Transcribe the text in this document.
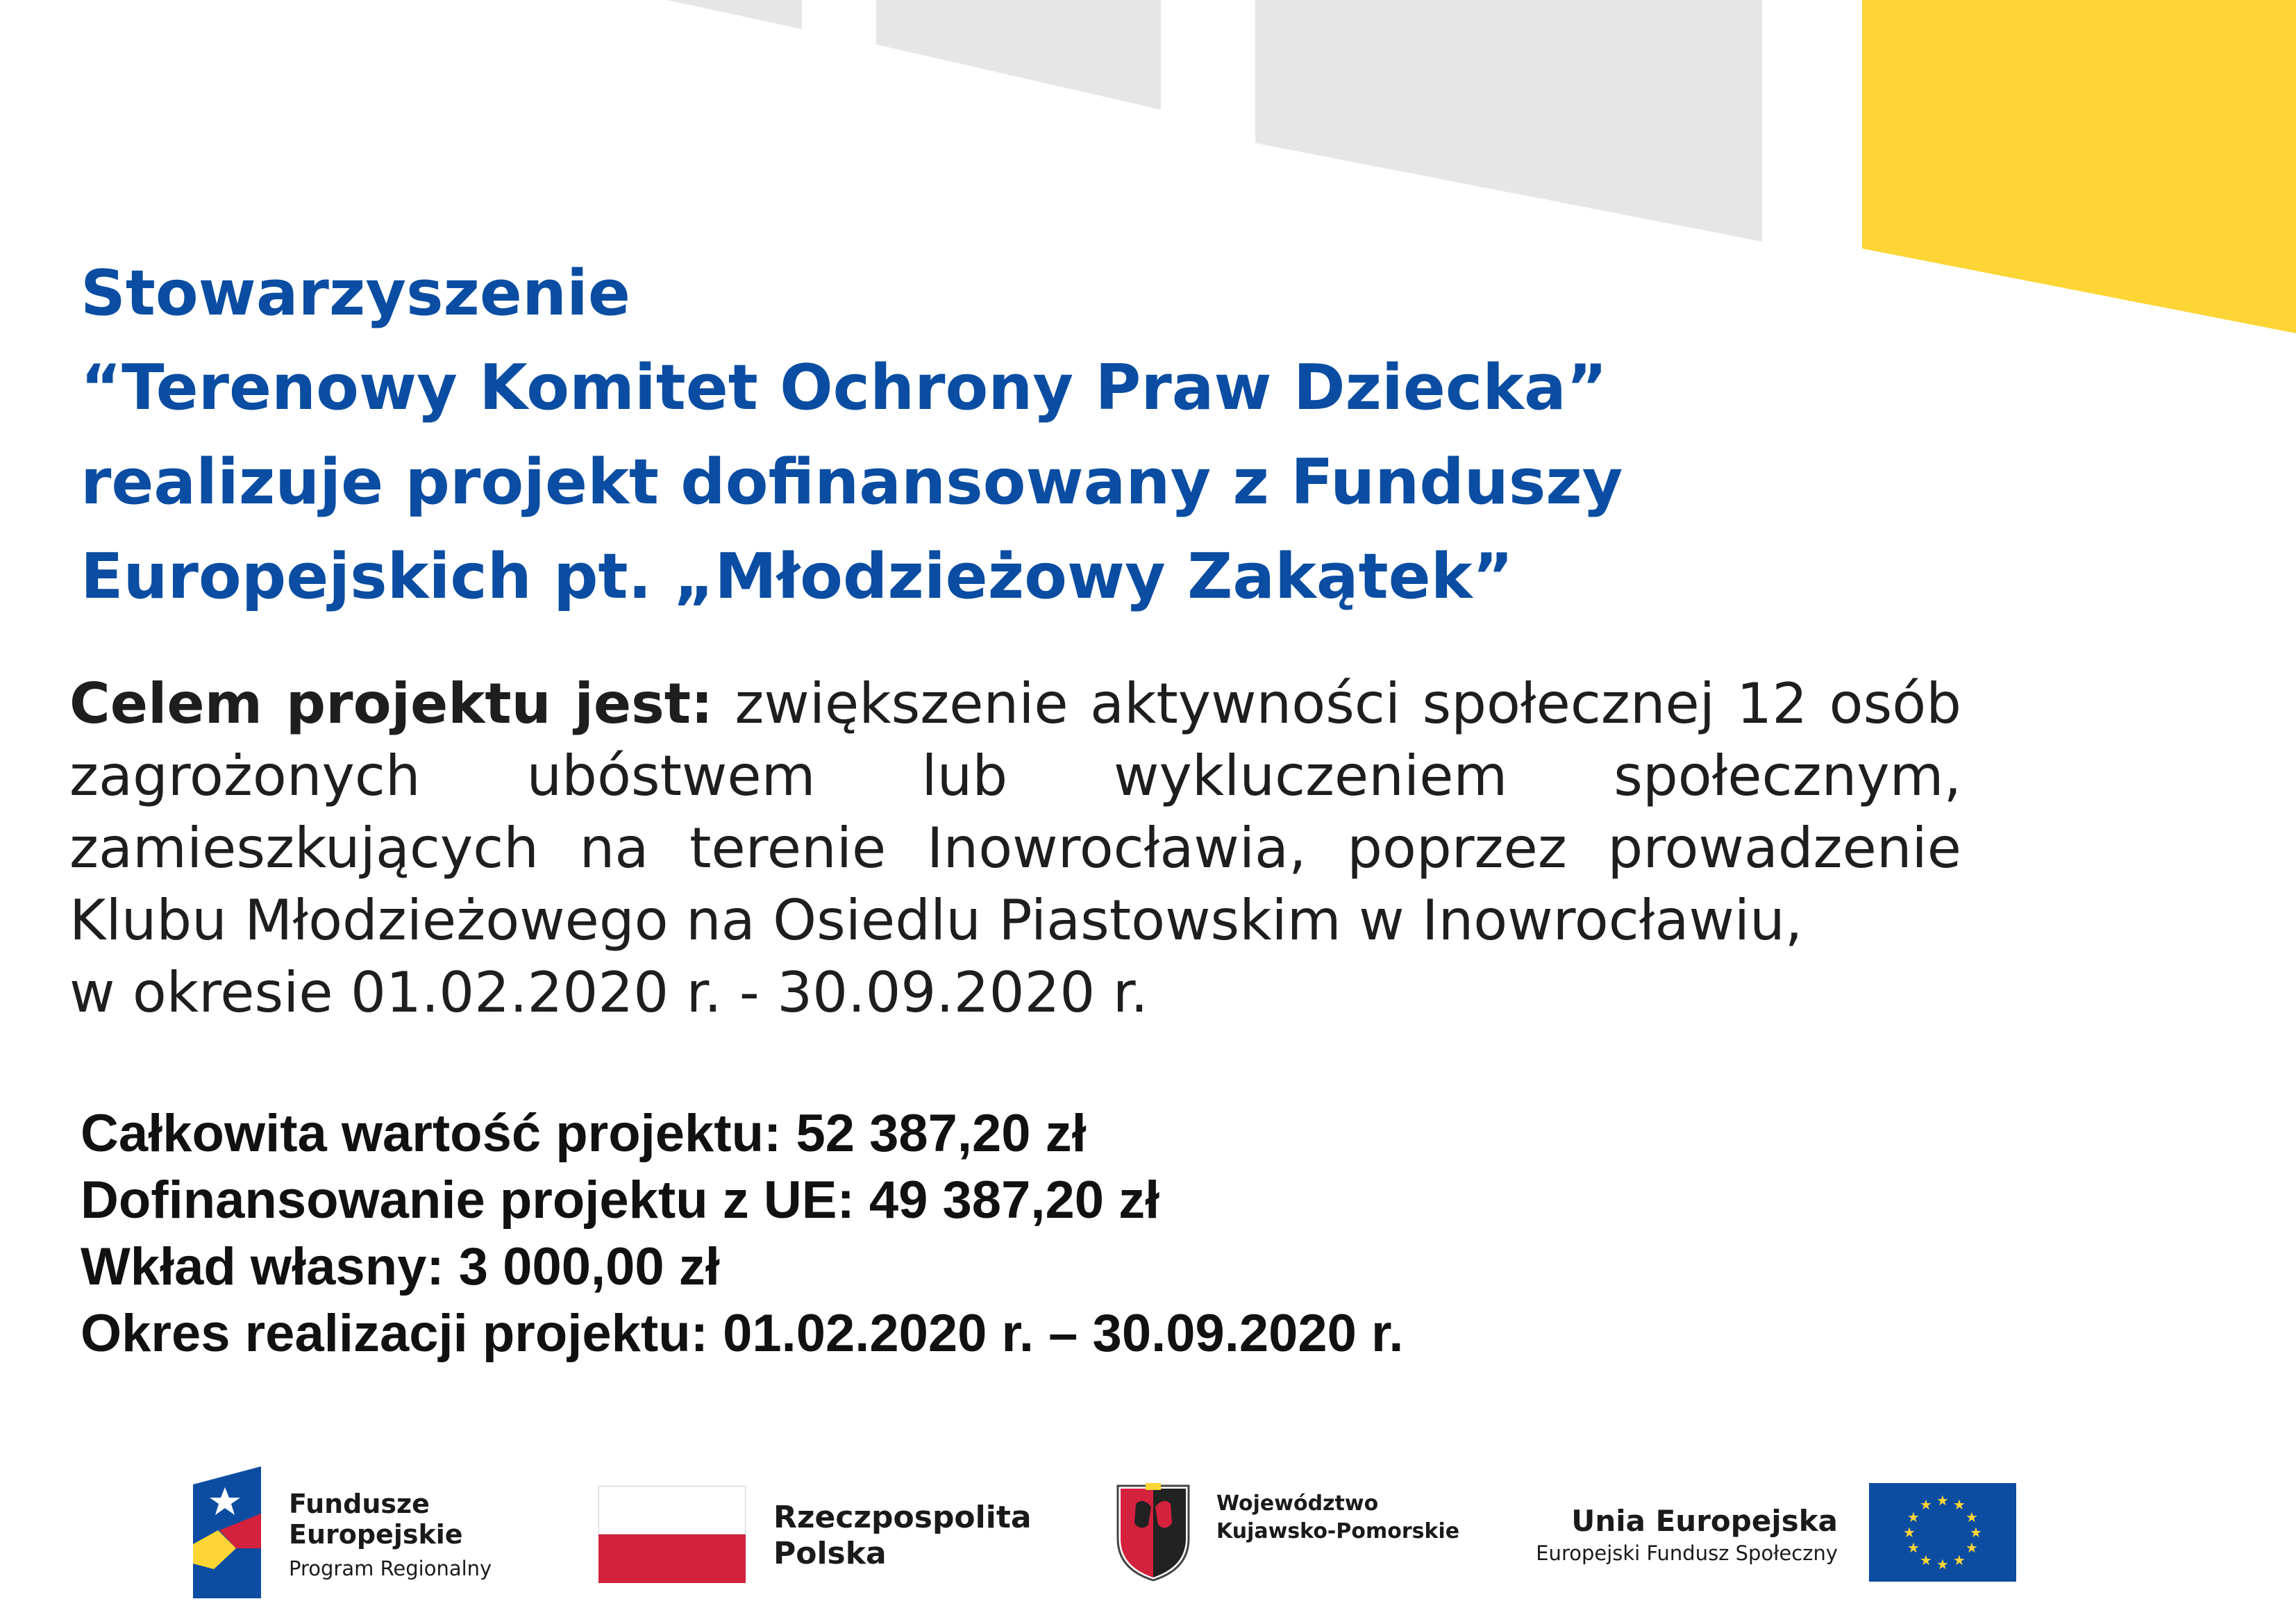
Stowarzyszenie
“Terenowy Komitet Ochrony Praw Dziecka”
realizuje projekt dofinansowany z Funduszy
Europejskich pt. „Młodzieżowy Zakątek”
Celem projektu jest: zwiększenie aktywności społecznej 12 osób zagrożonych ubóstwem lub wykluczeniem społecznym, zamieszkujących na terenie Inowrocławia, poprzez prowadzenie Klubu Młodzieżowego na Osiedlu Piastowskim w Inowrocławiu,
w okresie 01.02.2020 r. - 30.09.2020 r.
Całkowita wartość projektu: 52 387,20 zł
Dofinansowanie projektu z UE: 49 387,20 zł
Wkład własny: 3 000,00 zł
Okres realizacji projektu: 01.02.2020 r. – 30.09.2020 r.
Fundusze
Europejskie
Program Regionalny
Rzeczpospolita
Polska
Województwo
Kujawsko-Pomorskie	Unia Europejska
Europejski Fundusz Społeczny
★ ★
★
★
★
★
★
★
★
★
★
★
